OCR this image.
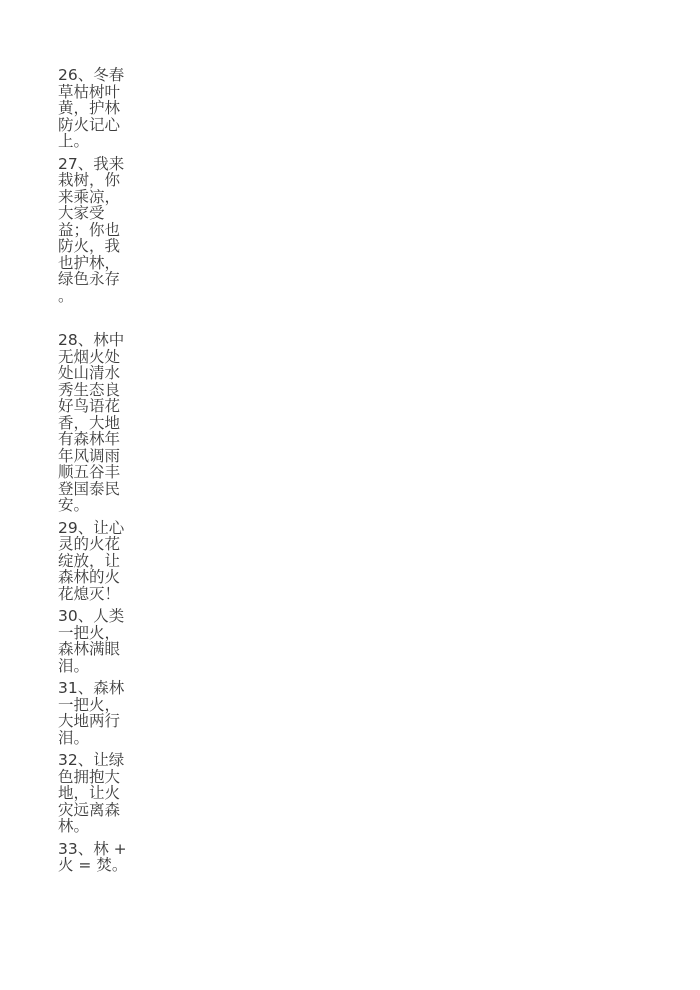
26、冬春
草枯树叶
黄，护林
防火记心
上。

27、我来
栽树，你
来乘凉，
大家受
益；你也
防火，我
也护林，
绿色永存
。

28、林中
无烟火处
处山清水
秀生态良
好鸟语花
香，大地
有森林年
年风调雨
顺五谷丰
登国泰民
安。

29、让心
灵的火花
绽放，让
森林的火
花熄灭！

30、人类
一把火，
森林满眼
泪。

31、森林
一把火，
大地两行
泪。

32、让绿
色拥抱大
地，让火
灾远离森
林。

33、林 +
火 = 焚。
